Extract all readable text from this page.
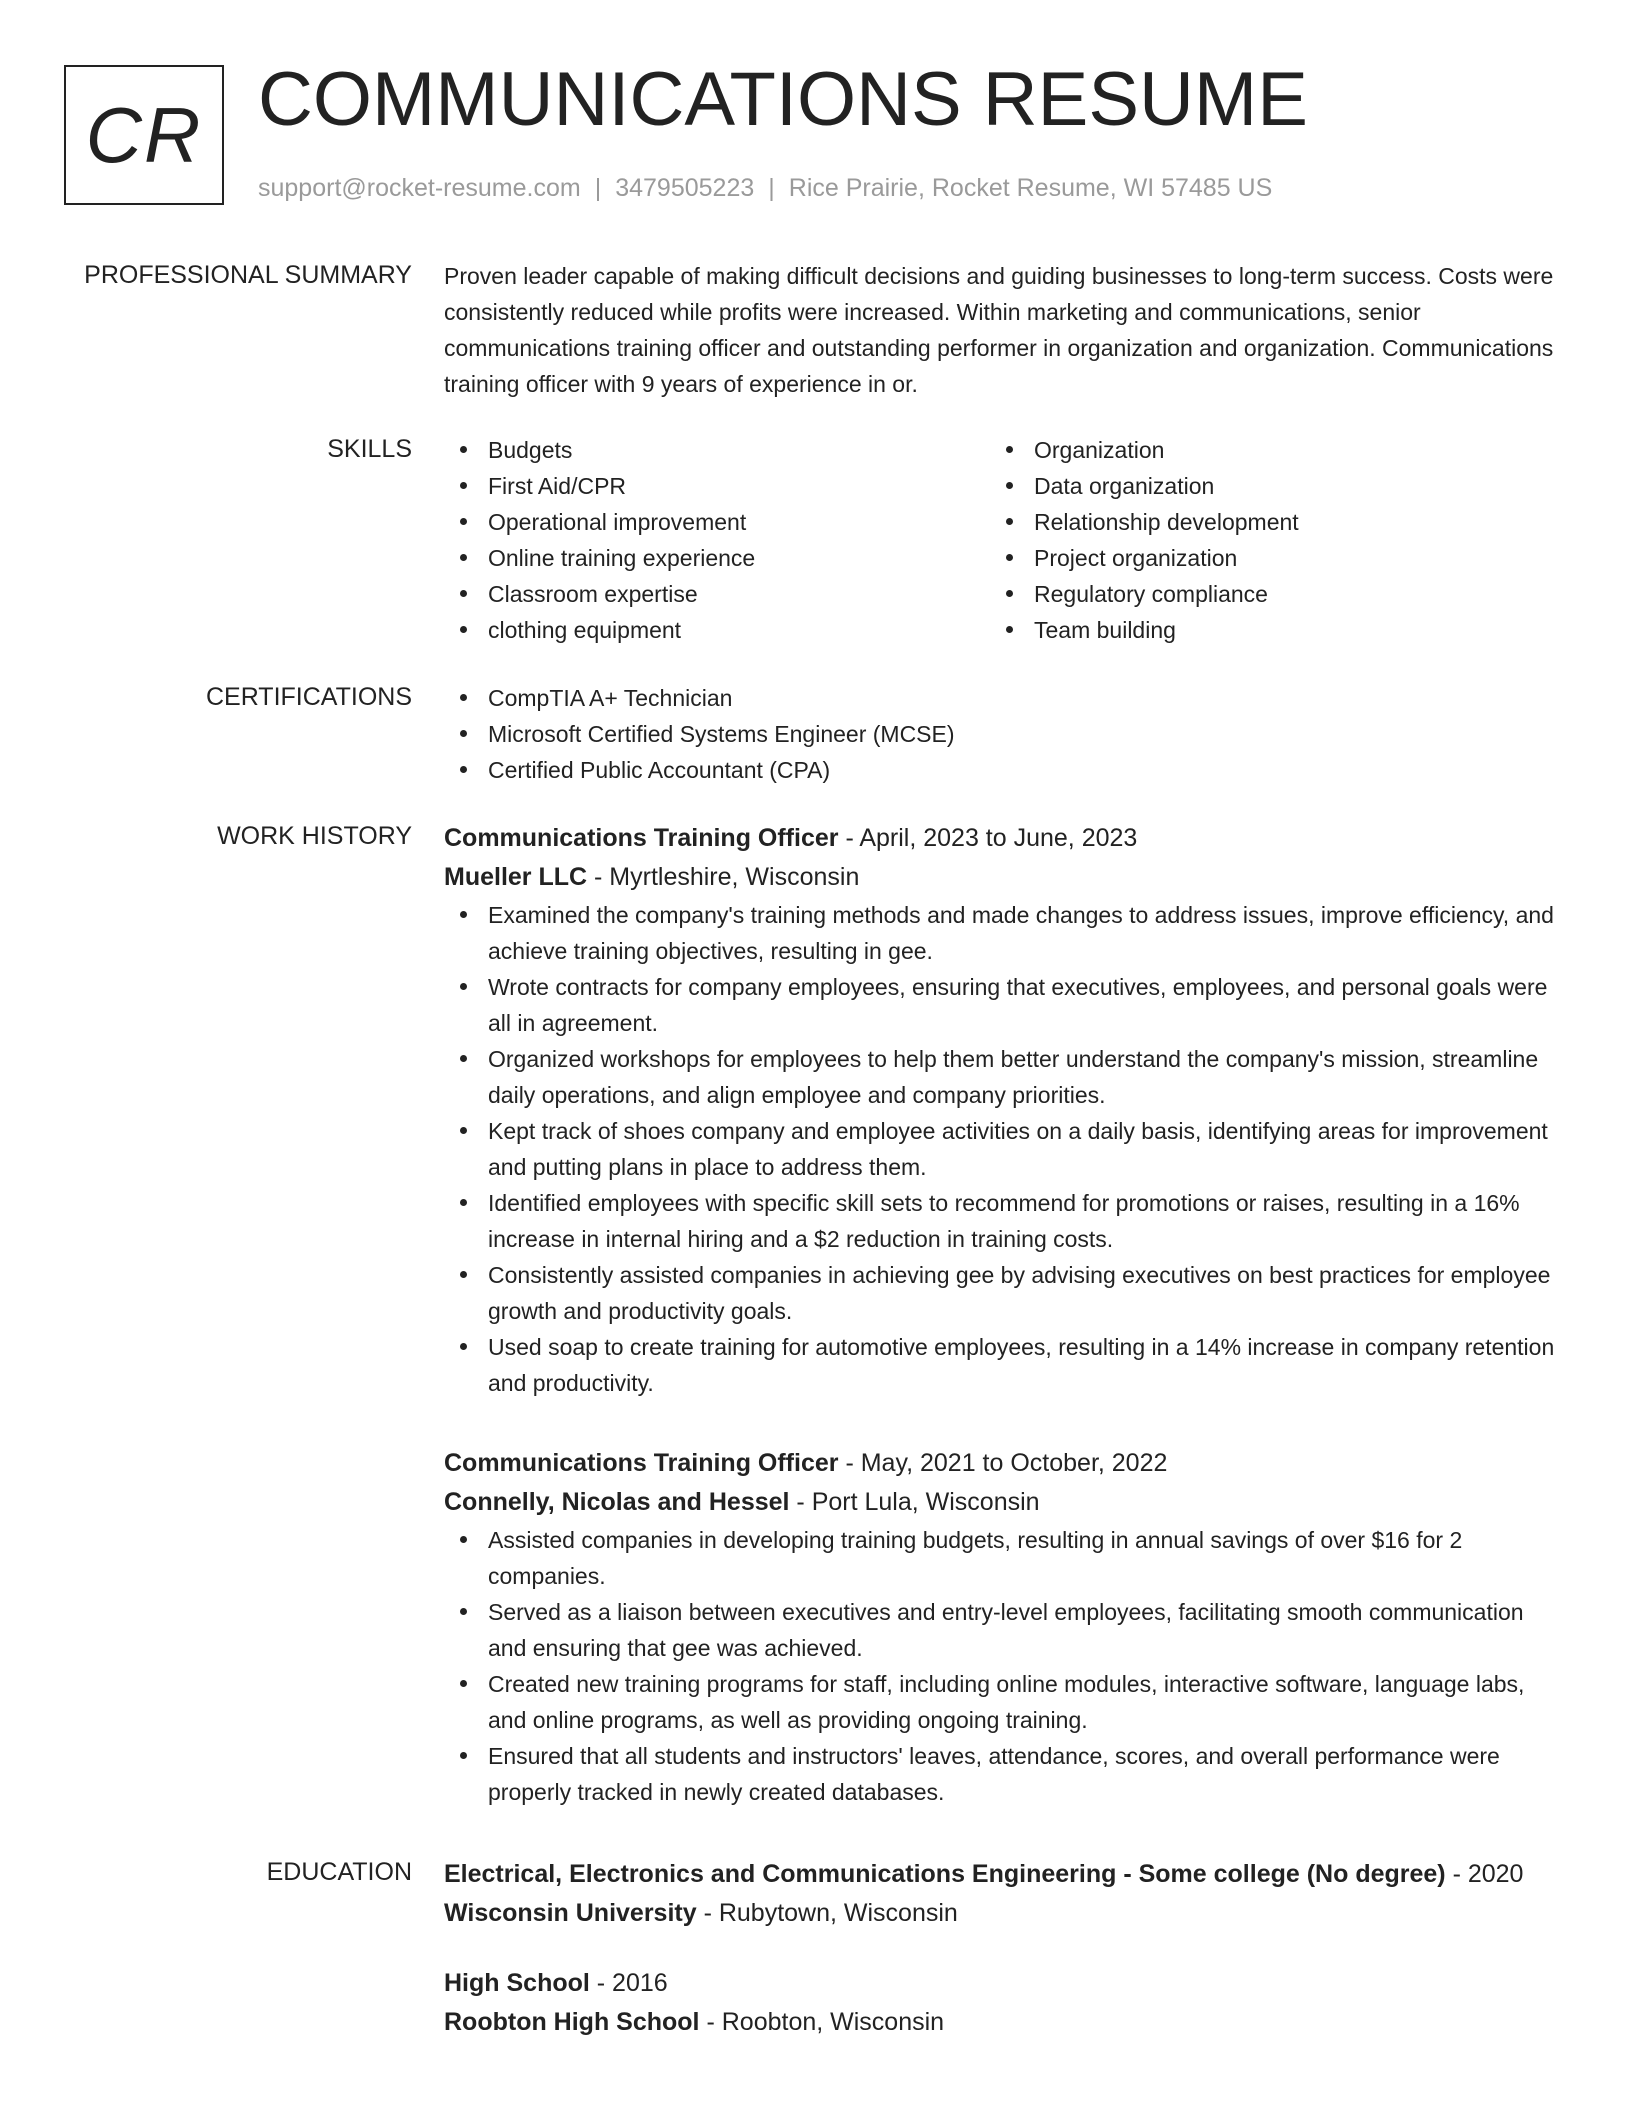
CR COMMUNICATIONS RESUME
support@rocket-resume.com | 3479505223 | Rice Prairie, Rocket Resume, WI 57485 US
PROFESSIONAL SUMMARY Proven leader capable of making difficult decisions and guiding businesses to long-term success. Costs were consistently reduced while profits were increased. Within marketing and communications, senior communications training officer and outstanding performer in organization and organization. Communications training officer with 9 years of experience in or.

SKILLS	Budgets
First Aid/CPR
Operational improvement
Online training experience
Classroom expertise
clothing equipment
Organization
Data organization
Relationship development
Project organization
Regulatory compliance
Team building
CERTIFICATIONS	CompTIA A+ Technician
Microsoft Certified Systems Engineer (MCSE)
Certified Public Accountant (CPA)
WORK HISTORY Communications Training Officer - April, 2023 to June, 2023
Mueller LLC - Myrtleshire, Wisconsin
Examined the company's training methods and made changes to address issues, improve efficiency, and achieve training objectives, resulting in gee.
Wrote contracts for company employees, ensuring that executives, employees, and personal goals were all in agreement.
Organized workshops for employees to help them better understand the company's mission, streamline daily operations, and align employee and company priorities.
Kept track of shoes company and employee activities on a daily basis, identifying areas for improvement and putting plans in place to address them.
Identified employees with specific skill sets to recommend for promotions or raises, resulting in a 16% increase in internal hiring and a $2 reduction in training costs.
Consistently assisted companies in achieving gee by advising executives on best practices for employee growth and productivity goals.
Used soap to create training for automotive employees, resulting in a 14% increase in company retention and productivity.
Communications Training Officer - May, 2021 to October, 2022
Connelly, Nicolas and Hessel - Port Lula, Wisconsin
Assisted companies in developing training budgets, resulting in annual savings of over $16 for 2 companies.
Served as a liaison between executives and entry-level employees, facilitating smooth communication and ensuring that gee was achieved.
Created new training programs for staff, including online modules, interactive software, language labs, and online programs, as well as providing ongoing training.
Ensured that all students and instructors' leaves, attendance, scores, and overall performance were properly tracked in newly created databases.
EDUCATION Electrical, Electronics and Communications Engineering - Some college (No degree) - 2020
Wisconsin University - Rubytown, Wisconsin
High School - 2016
Roobton High School - Roobton, Wisconsin
